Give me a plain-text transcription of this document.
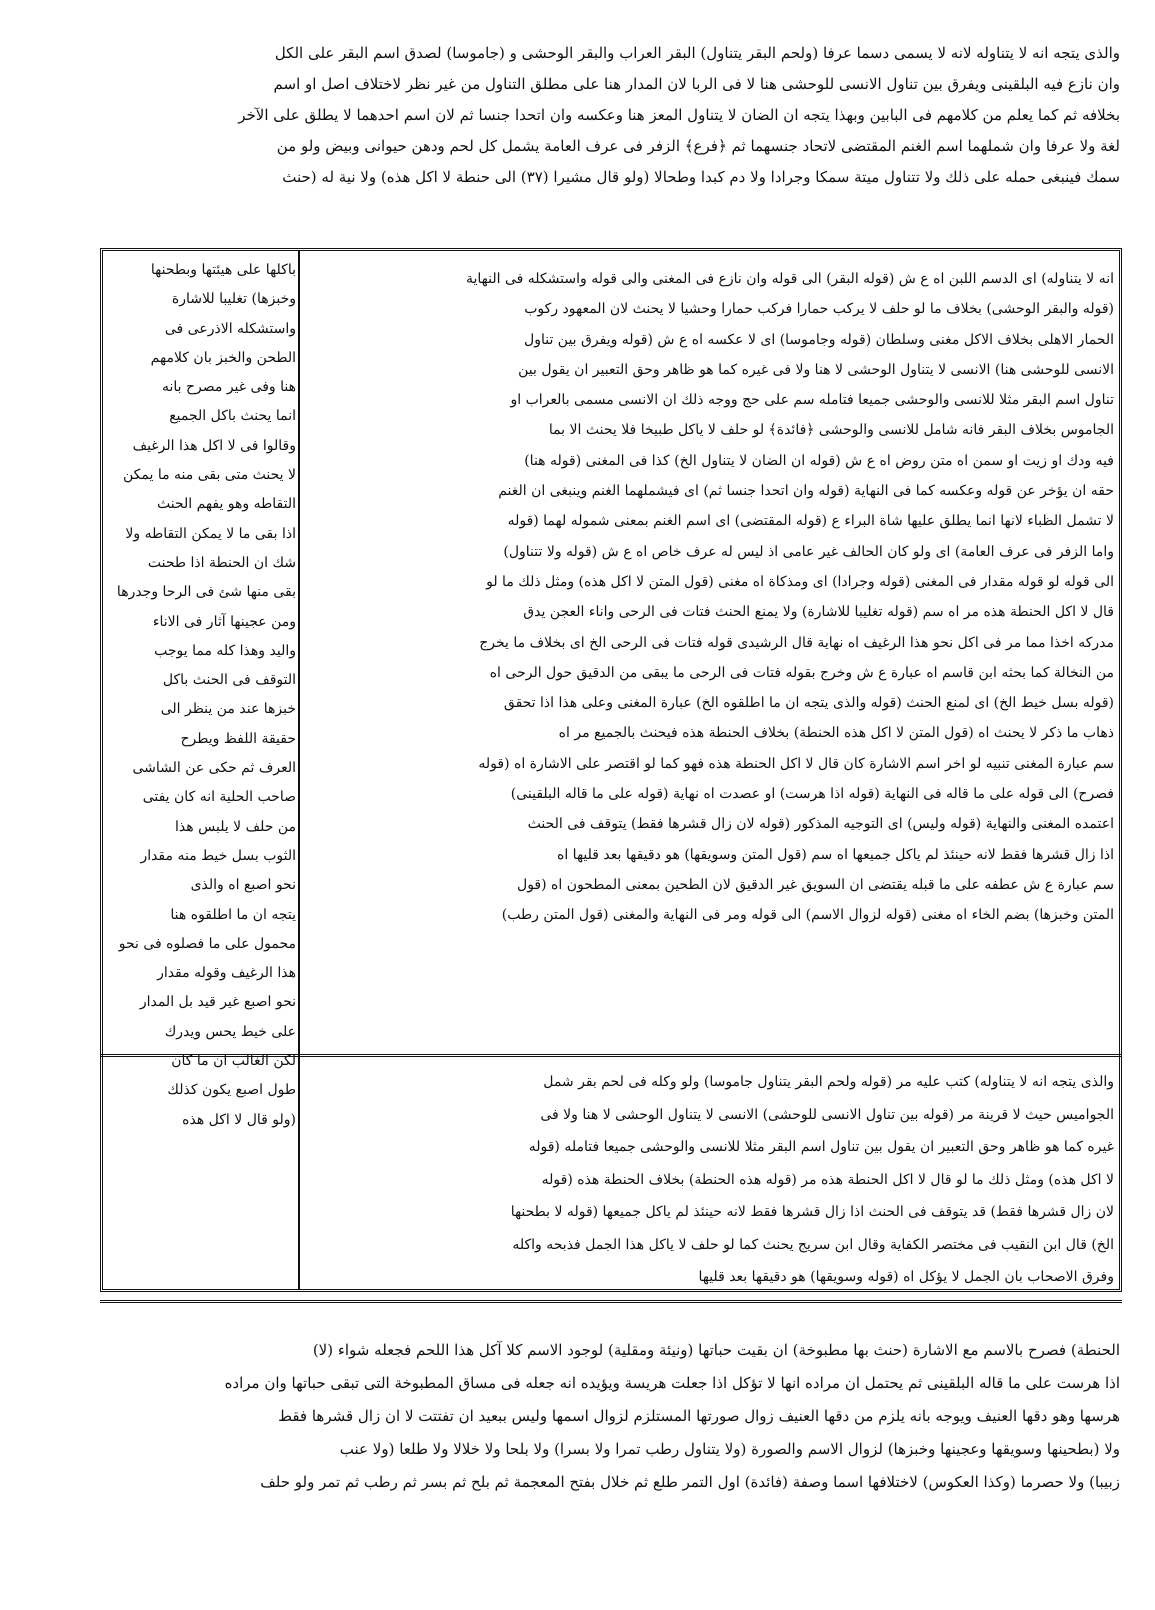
والذى يتجه انه لا يتناوله لانه لا يسمى دسما عرفا (ولحم البقر يتناول) البقر العراب والبقر الوحشى و (جاموسا) لصدق اسم البقر على الكل
وان نازع فيه البلقينى ويفرق بين تناول الانسى للوحشى هنا لا فى الربا لان المدار هنا على مطلق التناول من غير نظر لاختلاف اصل او اسم
بخلافه ثم كما يعلم من كلامهم فى البابين وبهذا يتجه ان الضان لا يتناول المعز هنا وعكسه وان اتحدا جنسا ثم لان اسم احدهما لا يطلق على الآخر
لغة ولا عرفا وان شملهما اسم الغنم المقتضى لاتحاد جنسهما ثم ﴿فرع﴾ الزفر فى عرف العامة يشمل كل لحم ودهن حيوانى وبيض ولو من
سمك فينبغى حمله على ذلك ولا تتناول ميتة سمكا وجرادا ولا دم كبدا وطحالا (ولو قال مشيرا (٣٧) الى حنطة لا اكل هذه) ولا نية له (حنث
باكلها على هيئتها وبطحنها
وخبزها) تغليبا للاشارة
واستشكله الاذرعى فى
الطحن والخبز بان كلامهم
هنا وفى غير مصرح بانه
انما يحنث باكل الجميع
وقالوا فى لا اكل هذا الرغيف
لا يحنث متى بقى منه ما يمكن
التقاطه وهو يفهم الحنث
اذا بقى ما لا يمكن التقاطه ولا
شك ان الحنطة اذا طحنت
بقى منها شئ فى الرحا وجدرها
ومن عجينها آثار فى الاناء
واليد وهذا كله مما يوجب
التوقف فى الحنث باكل
خبزها عند من ينظر الى
حقيقة اللفظ ويطرح
العرف ثم حكى عن الشاشى
صاحب الحلية انه كان يفتى
من حلف لا يلبس هذا
الثوب بسل خيط منه مقدار
نحو اصبع اه والذى
يتجه ان ما اطلقوه هنا
محمول على ما فصلوه فى نحو
هذا الرغيف وقوله مقدار
نحو اصبع غير قيد بل المدار
على خيط يحس ويدرك
لكن الغالب ان ما كان
طول اصبع يكون كذلك
(ولو قال لا اكل هذه
انه لا يتناوله) اى الدسم اللبن اه ع ش (قوله البقر) الى قوله وان نازع فى المغنى والى قوله واستشكله فى النهاية
(قوله والبقر الوحشى) بخلاف ما لو حلف لا يركب حمارا فركب حمارا وحشيا لا يحنث لان المعهود ركوب
الحمار الاهلى بخلاف الاكل مغنى وسلطان (قوله وجاموسا) اى لا عكسه اه ع ش (قوله ويفرق بين تناول
الانسى للوحشى هنا) الانسى لا يتناول الوحشى لا هنا ولا فى غيره كما هو ظاهر وحق التعبير ان يقول بين
تناول اسم البقر مثلا للانسى والوحشى جميعا فتامله سم على حج ووجه ذلك ان الانسى مسمى بالعراب او
الجاموس بخلاف البقر فانه شامل للانسى والوحشى ﴿فائدة﴾ لو حلف لا ياكل طبيخا فلا يحنث الا بما
فيه ودك او زيت او سمن اه متن روض اه ع ش (قوله ان الضان لا يتناول الخ) كذا فى المغنى (قوله هنا)
حقه ان يؤخر عن قوله وعكسه كما فى النهاية (قوله وان اتحدا جنسا ثم) اى فيشملهما الغنم وينبغى ان الغنم
لا تشمل الظباء لانها انما يطلق عليها شاة البراء ع (قوله المقتضى) اى اسم الغنم بمعنى شموله لهما (قوله
واما الزفر فى عرف العامة) اى ولو كان الحالف غير عامى اذ ليس له عرف خاص اه ع ش (قوله ولا تتناول)
الى قوله لو قوله مقدار فى المغنى (قوله وجرادا) اى ومذكاة اه مغنى (قول المتن لا اكل هذه) ومثل ذلك ما لو
قال لا اكل الحنطة هذه مر اه سم (قوله تغليبا للاشارة) ولا يمنع الحنث فتات فى الرحى واناء العجن يدق
مدركه اخذا مما مر فى اكل نحو هذا الرغيف اه نهاية قال الرشيدى قوله فتات فى الرحى الخ اى بخلاف ما يخرج
من النخالة كما بحثه ابن قاسم اه عبارة ع ش وخرج بقوله فتات فى الرحى ما يبقى من الدقيق حول الرحى اه
(قوله بسل خيط الخ) اى لمنع الحنث (قوله والذى يتجه ان ما اطلقوه الخ) عبارة المغنى وعلى هذا اذا تحقق
ذهاب ما ذكر لا يحنث اه (قول المتن لا اكل هذه الحنطة) بخلاف الحنطة هذه فيحنث بالجميع مر اه
سم عبارة المغنى تنبيه لو اخر اسم الاشارة كان قال لا اكل الحنطة هذه فهو كما لو اقتصر على الاشارة اه (قوله
فصرح) الى قوله على ما قاله فى النهاية (قوله اذا هرست) او عصدت اه نهاية (قوله على ما قاله البلقينى)
اعتمده المغنى والنهاية (قوله وليس) اى التوجيه المذكور (قوله لان زال قشرها فقط) يتوقف فى الحنث
اذا زال قشرها فقط لانه حينئذ لم ياكل جميعها اه سم (قول المتن وسويقها) هو دقيقها بعد قليها اه
سم عبارة ع ش عطفه على ما قبله يقتضى ان السويق غير الدقيق لان الطحين بمعنى المطحون اه (قول
المتن وخبزها) بضم الخاء اه مغنى (قوله لزوال الاسم) الى قوله ومر فى النهاية والمغنى (قول المتن رطب)
والذى يتجه انه لا يتناوله) كتب عليه مر (قوله ولحم البقر يتناول جاموسا) ولو وكله فى لحم بقر شمل
الجواميس حيث لا قرينة مر (قوله بين تناول الانسى للوحشى) الانسى لا يتناول الوحشى لا هنا ولا فى
غيره كما هو ظاهر وحق التعبير ان يقول بين تناول اسم البقر مثلا للانسى والوحشى جميعا فتامله (قوله
لا اكل هذه) ومثل ذلك ما لو قال لا اكل الحنطة هذه مر (قوله هذه الحنطة) بخلاف الحنطة هذه (قوله
لان زال قشرها فقط) قد يتوقف فى الحنث اذا زال قشرها فقط لانه حينئذ لم ياكل جميعها (قوله لا بطحنها
الخ) قال ابن النقيب فى مختصر الكفاية وقال ابن سريج يحنث كما لو حلف لا ياكل هذا الجمل فذبحه واكله
وفرق الاصحاب بان الجمل لا يؤكل اه (قوله وسويقها) هو دقيقها بعد قليها
الحنطة) فصرح بالاسم مع الاشارة (حنث بها مطبوخة) ان بقيت حباتها (ونيئة ومقلية) لوجود الاسم كلا آكل هذا اللحم فجعله شواء (لا)
اذا هرست على ما قاله البلقينى ثم يحتمل ان مراده انها لا تؤكل اذا جعلت هريسة ويؤيده انه جعله فى مساق المطبوخة التى تبقى حباتها وان مراده
هرسها وهو دقها العنيف ويوجه بانه يلزم من دقها العنيف زوال صورتها المستلزم لزوال اسمها وليس ببعيد ان تفتتت لا ان زال قشرها فقط
ولا (بطحينها وسويقها وعجينها وخبزها) لزوال الاسم والصورة (ولا يتناول رطب تمرا ولا بسرا) ولا بلحا ولا خلالا ولا طلعا (ولا عنب
زبيبا) ولا حصرما (وكذا العكوس) لاختلافها اسما وصفة (فائدة) اول التمر طلع ثم خلال بفتح المعجمة ثم بلح ثم بسر ثم رطب ثم تمر ولو حلف
